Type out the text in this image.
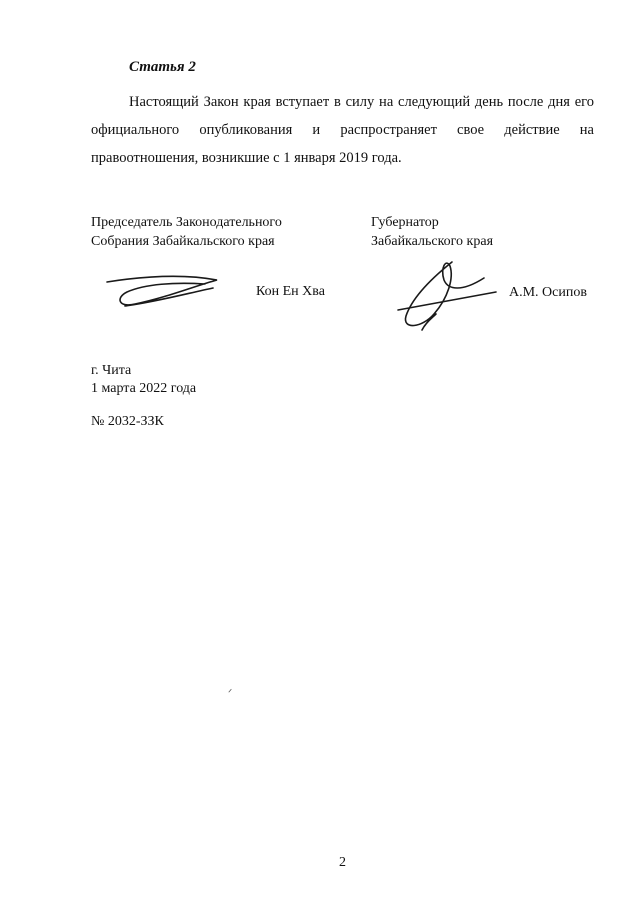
Статья 2

Настоящий Закон края вступает в силу на следующий день после дня его официального опубликования и распространяет свое действие на правоотношения, возникшие с 1 января 2019 года.

Председатель Законодательного
Собрания Забайкальского края
Губернатор
Забайкальского края
Кон Ен Хва	А.М. Осипов
г. Чита
1 марта 2022 года
№ 2032-ЗЗК
ᐟ
2
